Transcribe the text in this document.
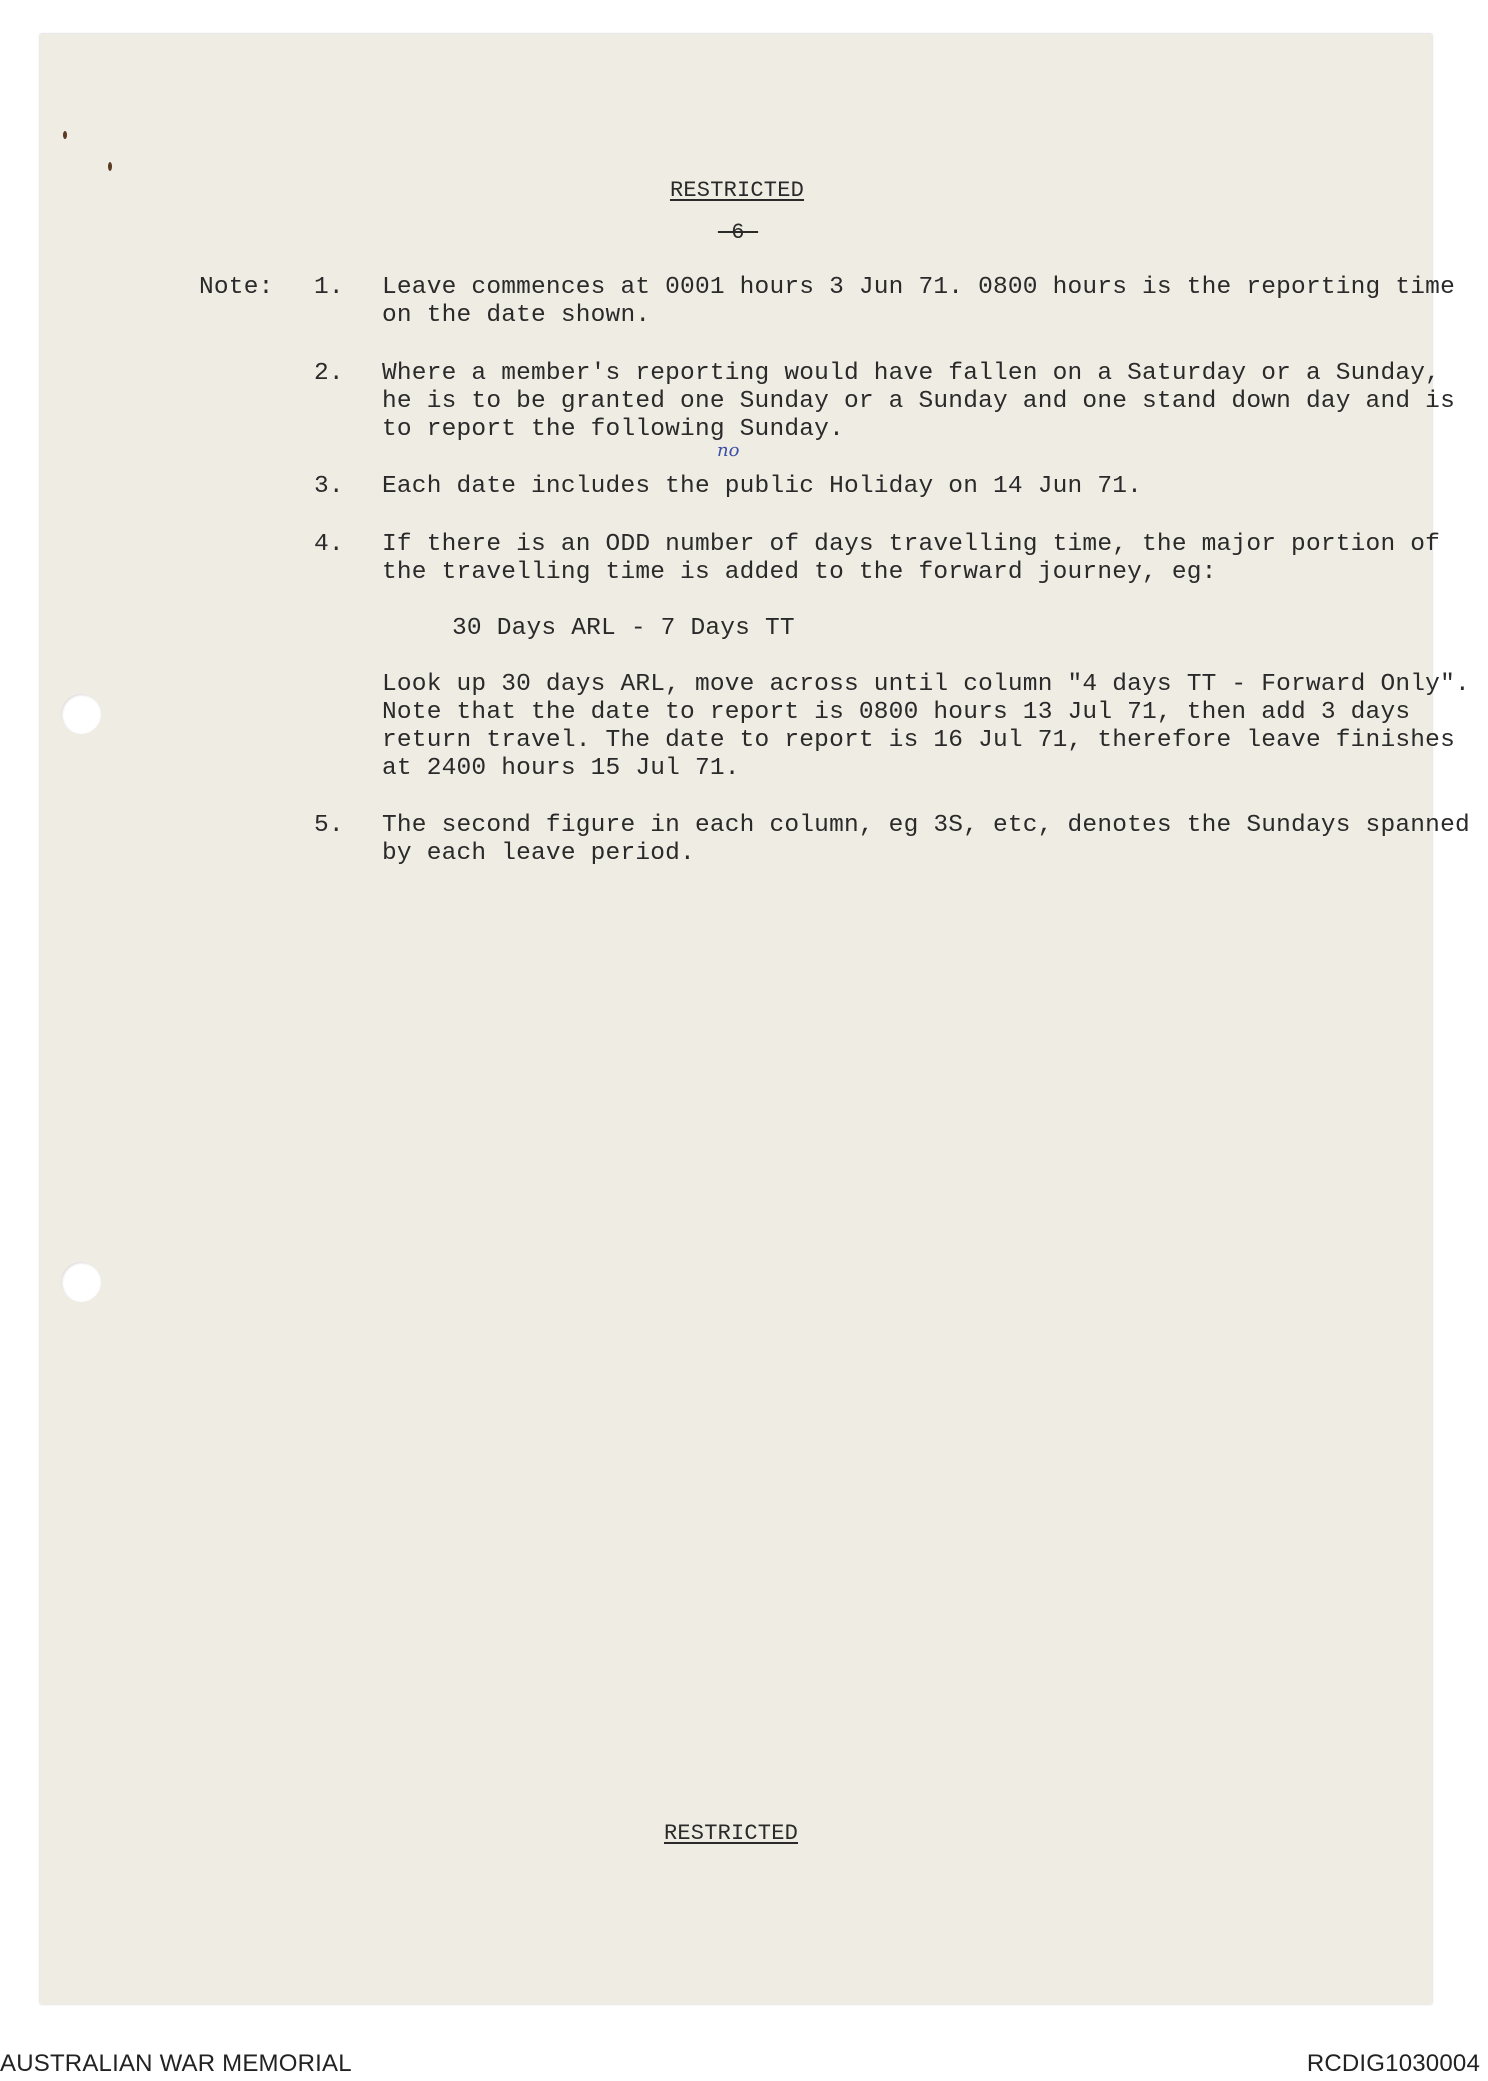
RESTRICTED
-6-
Note: 1. Leave commences at 0001 hours 3 Jun 71. 0800 hours is the reporting time
on the date shown.
2. Where a member's reporting would have fallen on a Saturday or a Sunday,
he is to be granted one Sunday or a Sunday and one stand down day and is
to report the following Sunday.
no
3. Each date includes the public Holiday on 14 Jun 71.
4. If there is an ODD number of days travelling time, the major portion of
the travelling time is added to the forward journey, eg:
30 Days ARL - 7 Days TT
Look up 30 days ARL, move across until column "4 days TT - Forward Only".
Note that the date to report is 0800 hours 13 Jul 71, then add 3 days
return travel. The date to report is 16 Jul 71, therefore leave finishes
at 2400 hours 15 Jul 71.
5. The second figure in each column, eg 3S, etc, denotes the Sundays spanned
by each leave period.
RESTRICTED
AUSTRALIAN WAR MEMORIAL	RCDIG1030004
